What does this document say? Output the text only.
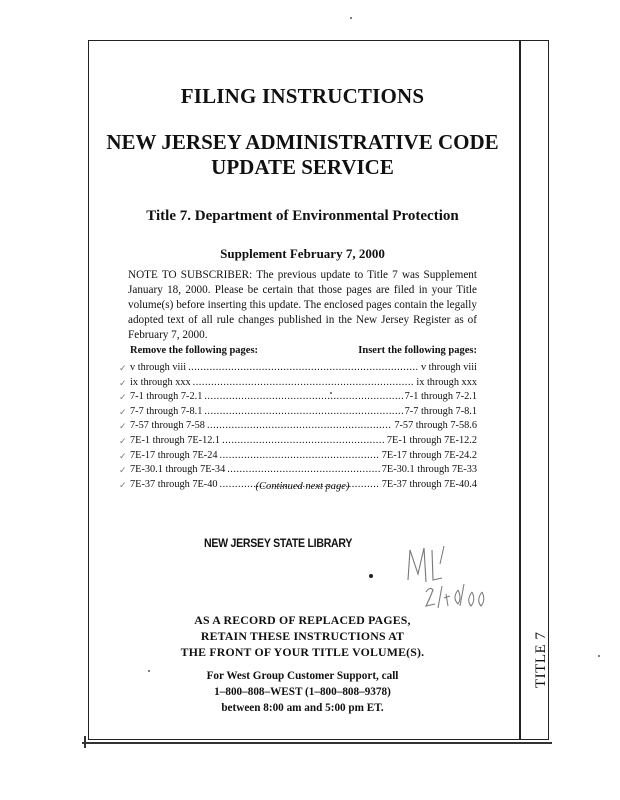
FILING INSTRUCTIONS
NEW JERSEY ADMINISTRATIVE CODE
UPDATE SERVICE
Title 7. Department of Environmental Protection
Supplement February 7, 2000
NOTE TO SUBSCRIBER: The previous update to Title 7 was Supplement January 18, 2000. Please be certain that those pages are filed in your Title volume(s) before inserting this update. The enclosed pages contain the legally adopted text of all rule changes published in the New Jersey Register as of February 7, 2000.
Remove the following pages:	Insert the following pages:
✓ v through viii .....	v through viii
✓ ix through xxx .....	ix through xxx
✓ 7-1 through 7-2.1 .....	7-1 through 7-2.1
✓ 7-7 through 7-8.1 .....	7-7 through 7-8.1
✓ 7-57 through 7-58 .....	7-57 through 7-58.6
✓ 7E-1 through 7E-12.1 .....	7E-1 through 7E-12.2
✓ 7E-17 through 7E-24 .....	7E-17 through 7E-24.2
✓ 7E-30.1 through 7E-34 .....	7E-30.1 through 7E-33
✓ 7E-37 through 7E-40 .....	7E-37 through 7E-40.4
(Continued next page)
NEW JERSEY STATE LIBRARY
AS A RECORD OF REPLACED PAGES,
RETAIN THESE INSTRUCTIONS AT
THE FRONT OF YOUR TITLE VOLUME(S).
For West Group Customer Support, call
1–800–808–WEST (1–800–808–9378)
between 8:00 am and 5:00 pm ET.
TITLE 7
